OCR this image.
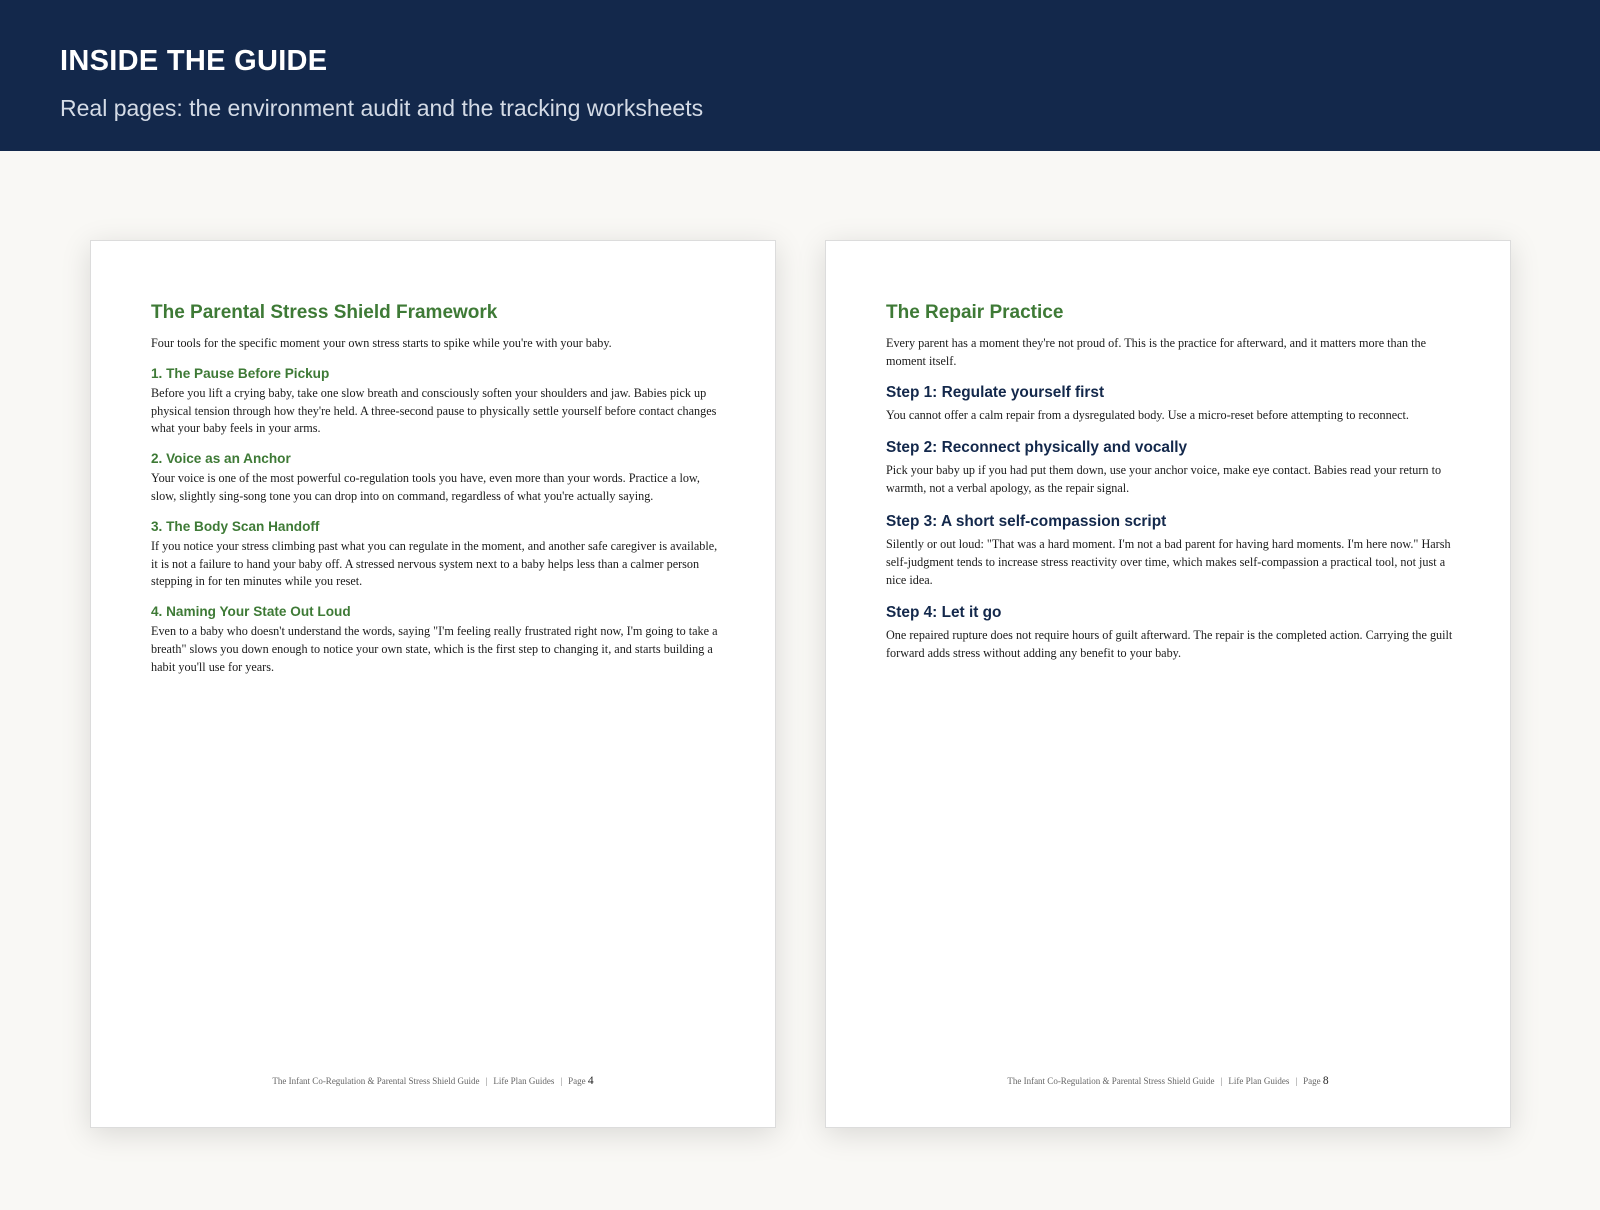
INSIDE THE GUIDE
Real pages: the environment audit and the tracking worksheets
The Parental Stress Shield Framework

Four tools for the specific moment your own stress starts to spike while you're with your baby.

1. The Pause Before Pickup

Before you lift a crying baby, take one slow breath and consciously soften your shoulders and jaw. Babies pick up physical tension through how they're held. A three-second pause to physically settle yourself before contact changes what your baby feels in your arms.

2. Voice as an Anchor

Your voice is one of the most powerful co-regulation tools you have, even more than your words. Practice a low, slow, slightly sing-song tone you can drop into on command, regardless of what you're actually saying.

3. The Body Scan Handoff

If you notice your stress climbing past what you can regulate in the moment, and another safe caregiver is available, it is not a failure to hand your baby off. A stressed nervous system next to a baby helps less than a calmer person stepping in for ten minutes while you reset.

4. Naming Your State Out Loud

Even to a baby who doesn't understand the words, saying "I'm feeling really frustrated right now, I'm going to take a breath" slows you down enough to notice your own state, which is the first step to changing it, and starts building a habit you'll use for years.

The Infant Co-Regulation & Parental Stress Shield Guide | Life Plan Guides | Page 4
The Repair Practice

Every parent has a moment they're not proud of. This is the practice for afterward, and it matters more than the moment itself.

Step 1: Regulate yourself first

You cannot offer a calm repair from a dysregulated body. Use a micro-reset before attempting to reconnect.

Step 2: Reconnect physically and vocally

Pick your baby up if you had put them down, use your anchor voice, make eye contact. Babies read your return to warmth, not a verbal apology, as the repair signal.

Step 3: A short self-compassion script

Silently or out loud: "That was a hard moment. I'm not a bad parent for having hard moments. I'm here now." Harsh self-judgment tends to increase stress reactivity over time, which makes self-compassion a practical tool, not just a nice idea.

Step 4: Let it go

One repaired rupture does not require hours of guilt afterward. The repair is the completed action. Carrying the guilt forward adds stress without adding any benefit to your baby.

The Infant Co-Regulation & Parental Stress Shield Guide | Life Plan Guides | Page 8
